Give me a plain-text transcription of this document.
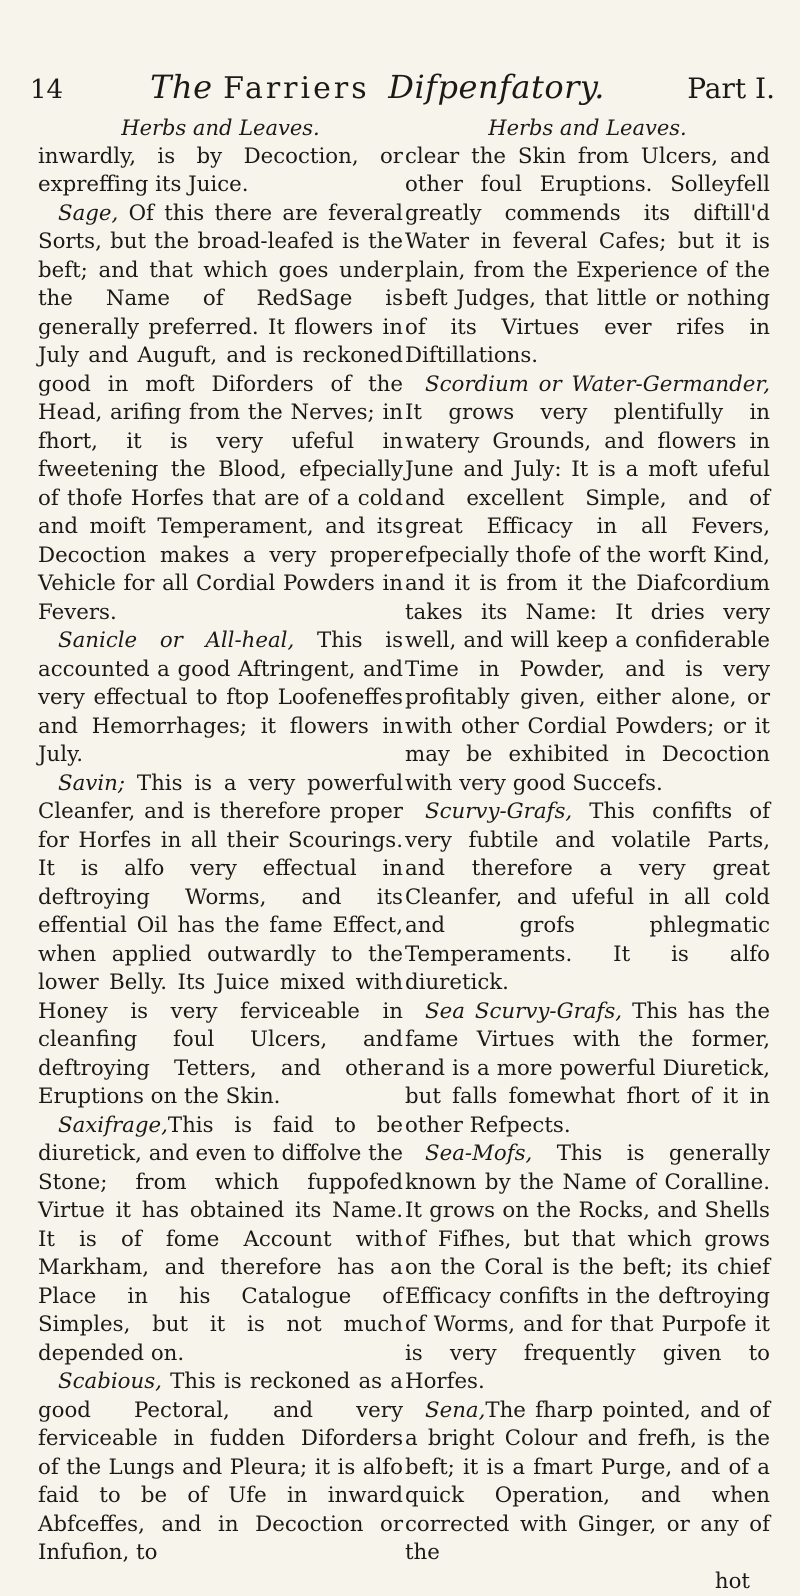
14	The Farriers Difpenfatory.	Part I.
Herbs and Leaves.

inwardly, is by Decoction, or expreffing its Juice.

Sage, Of this there are feveral Sorts, but the broad-leafed is the beft; and that which goes under the Name of RedSage is generally preferred. It flowers in July and Auguft, and is reckoned good in moft Diforders of the Head, arifing from the Nerves; in fhort, it is very ufeful in fweetening the Blood, efpecially of thofe Horfes that are of a cold and moift Temperament, and its Decoction makes a very proper Vehicle for all Cordial Powders in Fevers.

Sanicle or All-heal, This is accounted a good Aftringent, and very effectual to ftop Loofeneffes and Hemorrhages; it flowers in July.

Savin; This is a very powerful Cleanfer, and is therefore proper for Horfes in all their Scourings. It is alfo very effectual in deftroying Worms, and its effential Oil has the fame Effect, when applied outwardly to the lower Belly. Its Juice mixed with Honey is very ferviceable in cleanfing foul Ulcers, and deftroying Tetters, and other Eruptions on the Skin.

Saxifrage,This is faid to be diuretick, and even to diffolve the Stone; from which fuppofed Virtue it has obtained its Name. It is of fome Account with Markham, and therefore has a Place in his Catalogue of Simples, but it is not much depended on.

Scabious, This is reckoned as a good Pectoral, and very ferviceable in fudden Diforders of the Lungs and Pleura; it is alfo faid to be of Ufe in inward Abfceffes, and in Decoction or Infufion, to

Herbs and Leaves.

clear the Skin from Ulcers, and other foul Eruptions. Solleyfell greatly commends its diftill'd Water in feveral Cafes; but it is plain, from the Experience of the beft Judges, that little or nothing of its Virtues ever rifes in Diftillations.

Scordium or Water-Germander, It grows very plentifully in watery Grounds, and flowers in June and July: It is a moft ufeful and excellent Simple, and of great Efficacy in all Fevers, efpecially thofe of the worft Kind, and it is from it the Diafcordium takes its Name: It dries very well, and will keep a confiderable Time in Powder, and is very profitably given, either alone, or with other Cordial Powders; or it may be exhibited in Decoction with very good Succefs.

Scurvy-Grafs, This confifts of very fubtile and volatile Parts, and therefore a very great Cleanfer, and ufeful in all cold and grofs phlegmatic Temperaments. It is alfo diuretick.

Sea Scurvy-Grafs, This has the fame Virtues with the former, and is a more powerful Diuretick, but falls fomewhat fhort of it in other Refpects.

Sea-Mofs, This is generally known by the Name of Coralline. It grows on the Rocks, and Shells of Fifhes, but that which grows on the Coral is the beft; its chief Efficacy confifts in the deftroying of Worms, and for that Purpofe it is very frequently given to Horfes.

Sena,The fharp pointed, and of a bright Colour and frefh, is the beft; it is a fmart Purge, and of a quick Operation, and when corrected with Ginger, or any of the

hot
